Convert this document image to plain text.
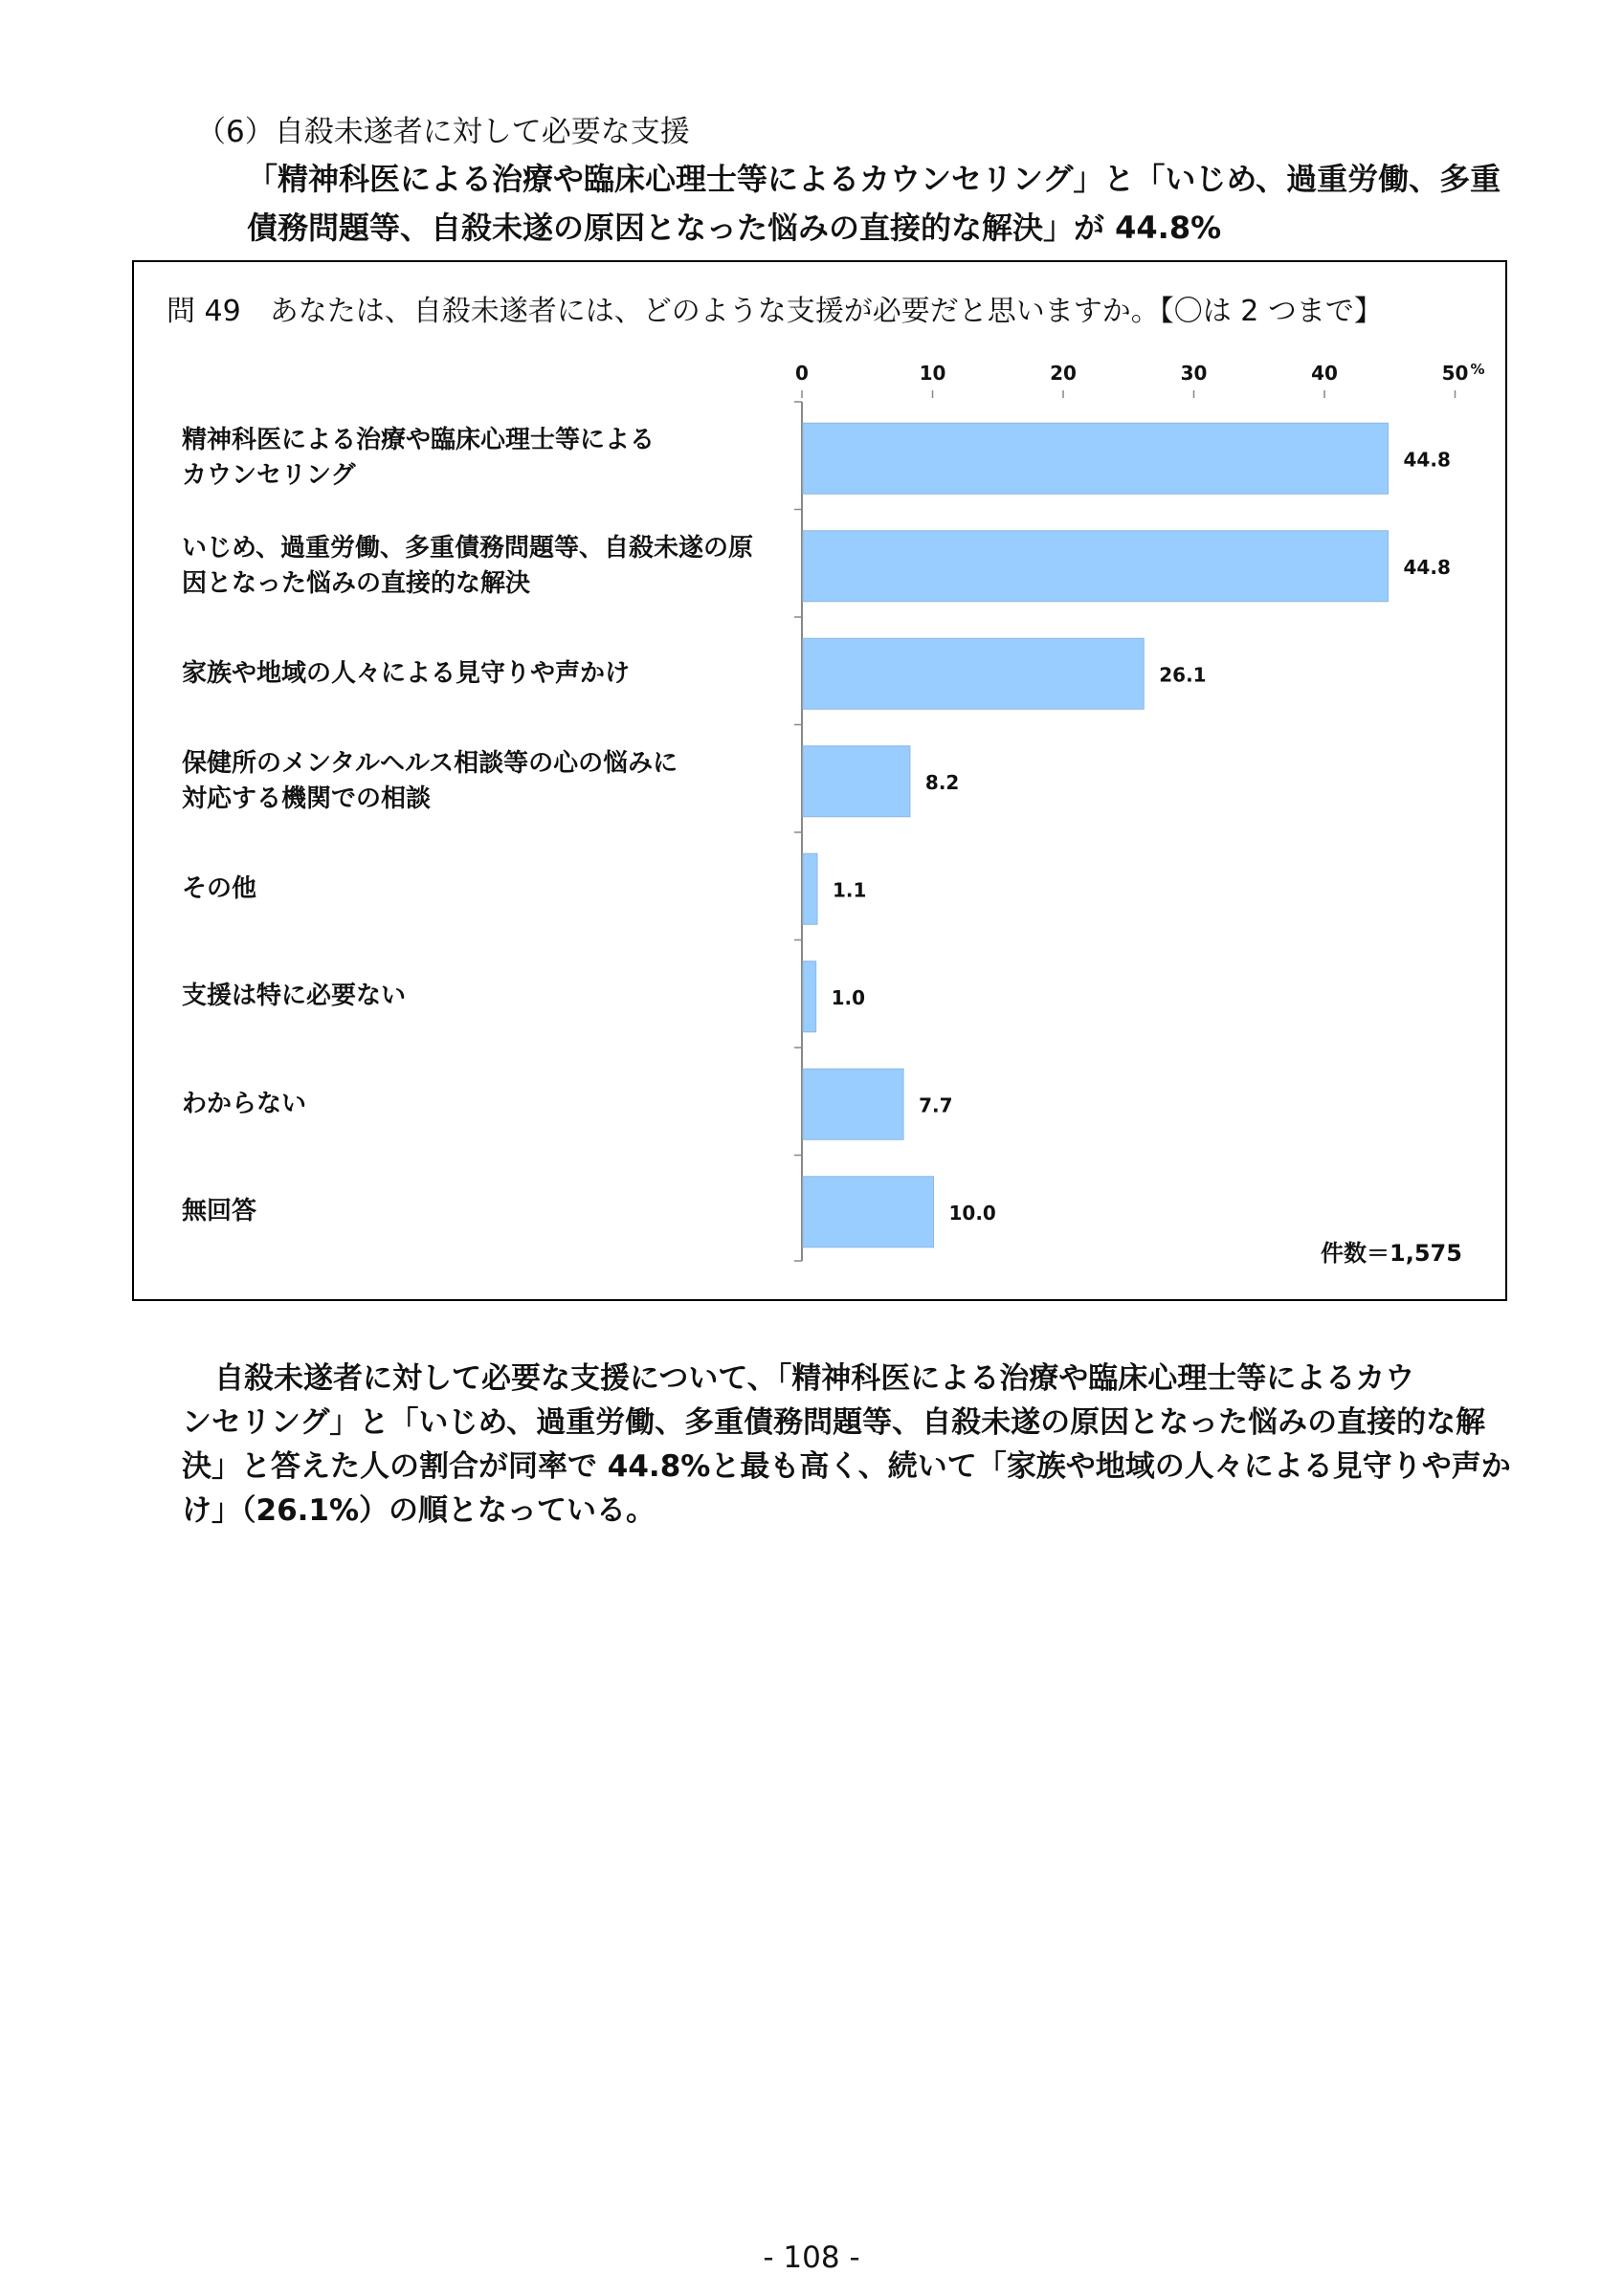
（6）自殺未遂者に対して必要な支援
「精神科医による治療や臨床心理士等によるカウンセリング」と「いじめ、過重労働、多重
債務問題等、自殺未遂の原因となった悩みの直接的な解決」が 44.8%
問 49　あなたは、自殺未遂者には、どのような支援が必要だと思いますか。【〇は 2 つまで】
0	10	20	30	40	50 %
精神科医による治療や臨床心理士等による
カウンセリング
いじめ、過重労働、多重債務問題等、自殺未遂の原
因となった悩みの直接的な解決
家族や地域の人々による見守りや声かけ
保健所のメンタルヘルス相談等の心の悩みに
対応する機関での相談
その他
支援は特に必要ない
わからない
無回答
44.8
44.8
26.1
8.2
1.1
1.0
7.7
10.0
件数＝1,575
自殺未遂者に対して必要な支援について、「精神科医による治療や臨床心理士等によるカウ
ンセリング」と「いじめ、過重労働、多重債務問題等、自殺未遂の原因となった悩みの直接的な解
決」と答えた人の割合が同率で 44.8%と最も高く、続いて「家族や地域の人々による見守りや声か
け」（26.1%）の順となっている。
- 108 -
